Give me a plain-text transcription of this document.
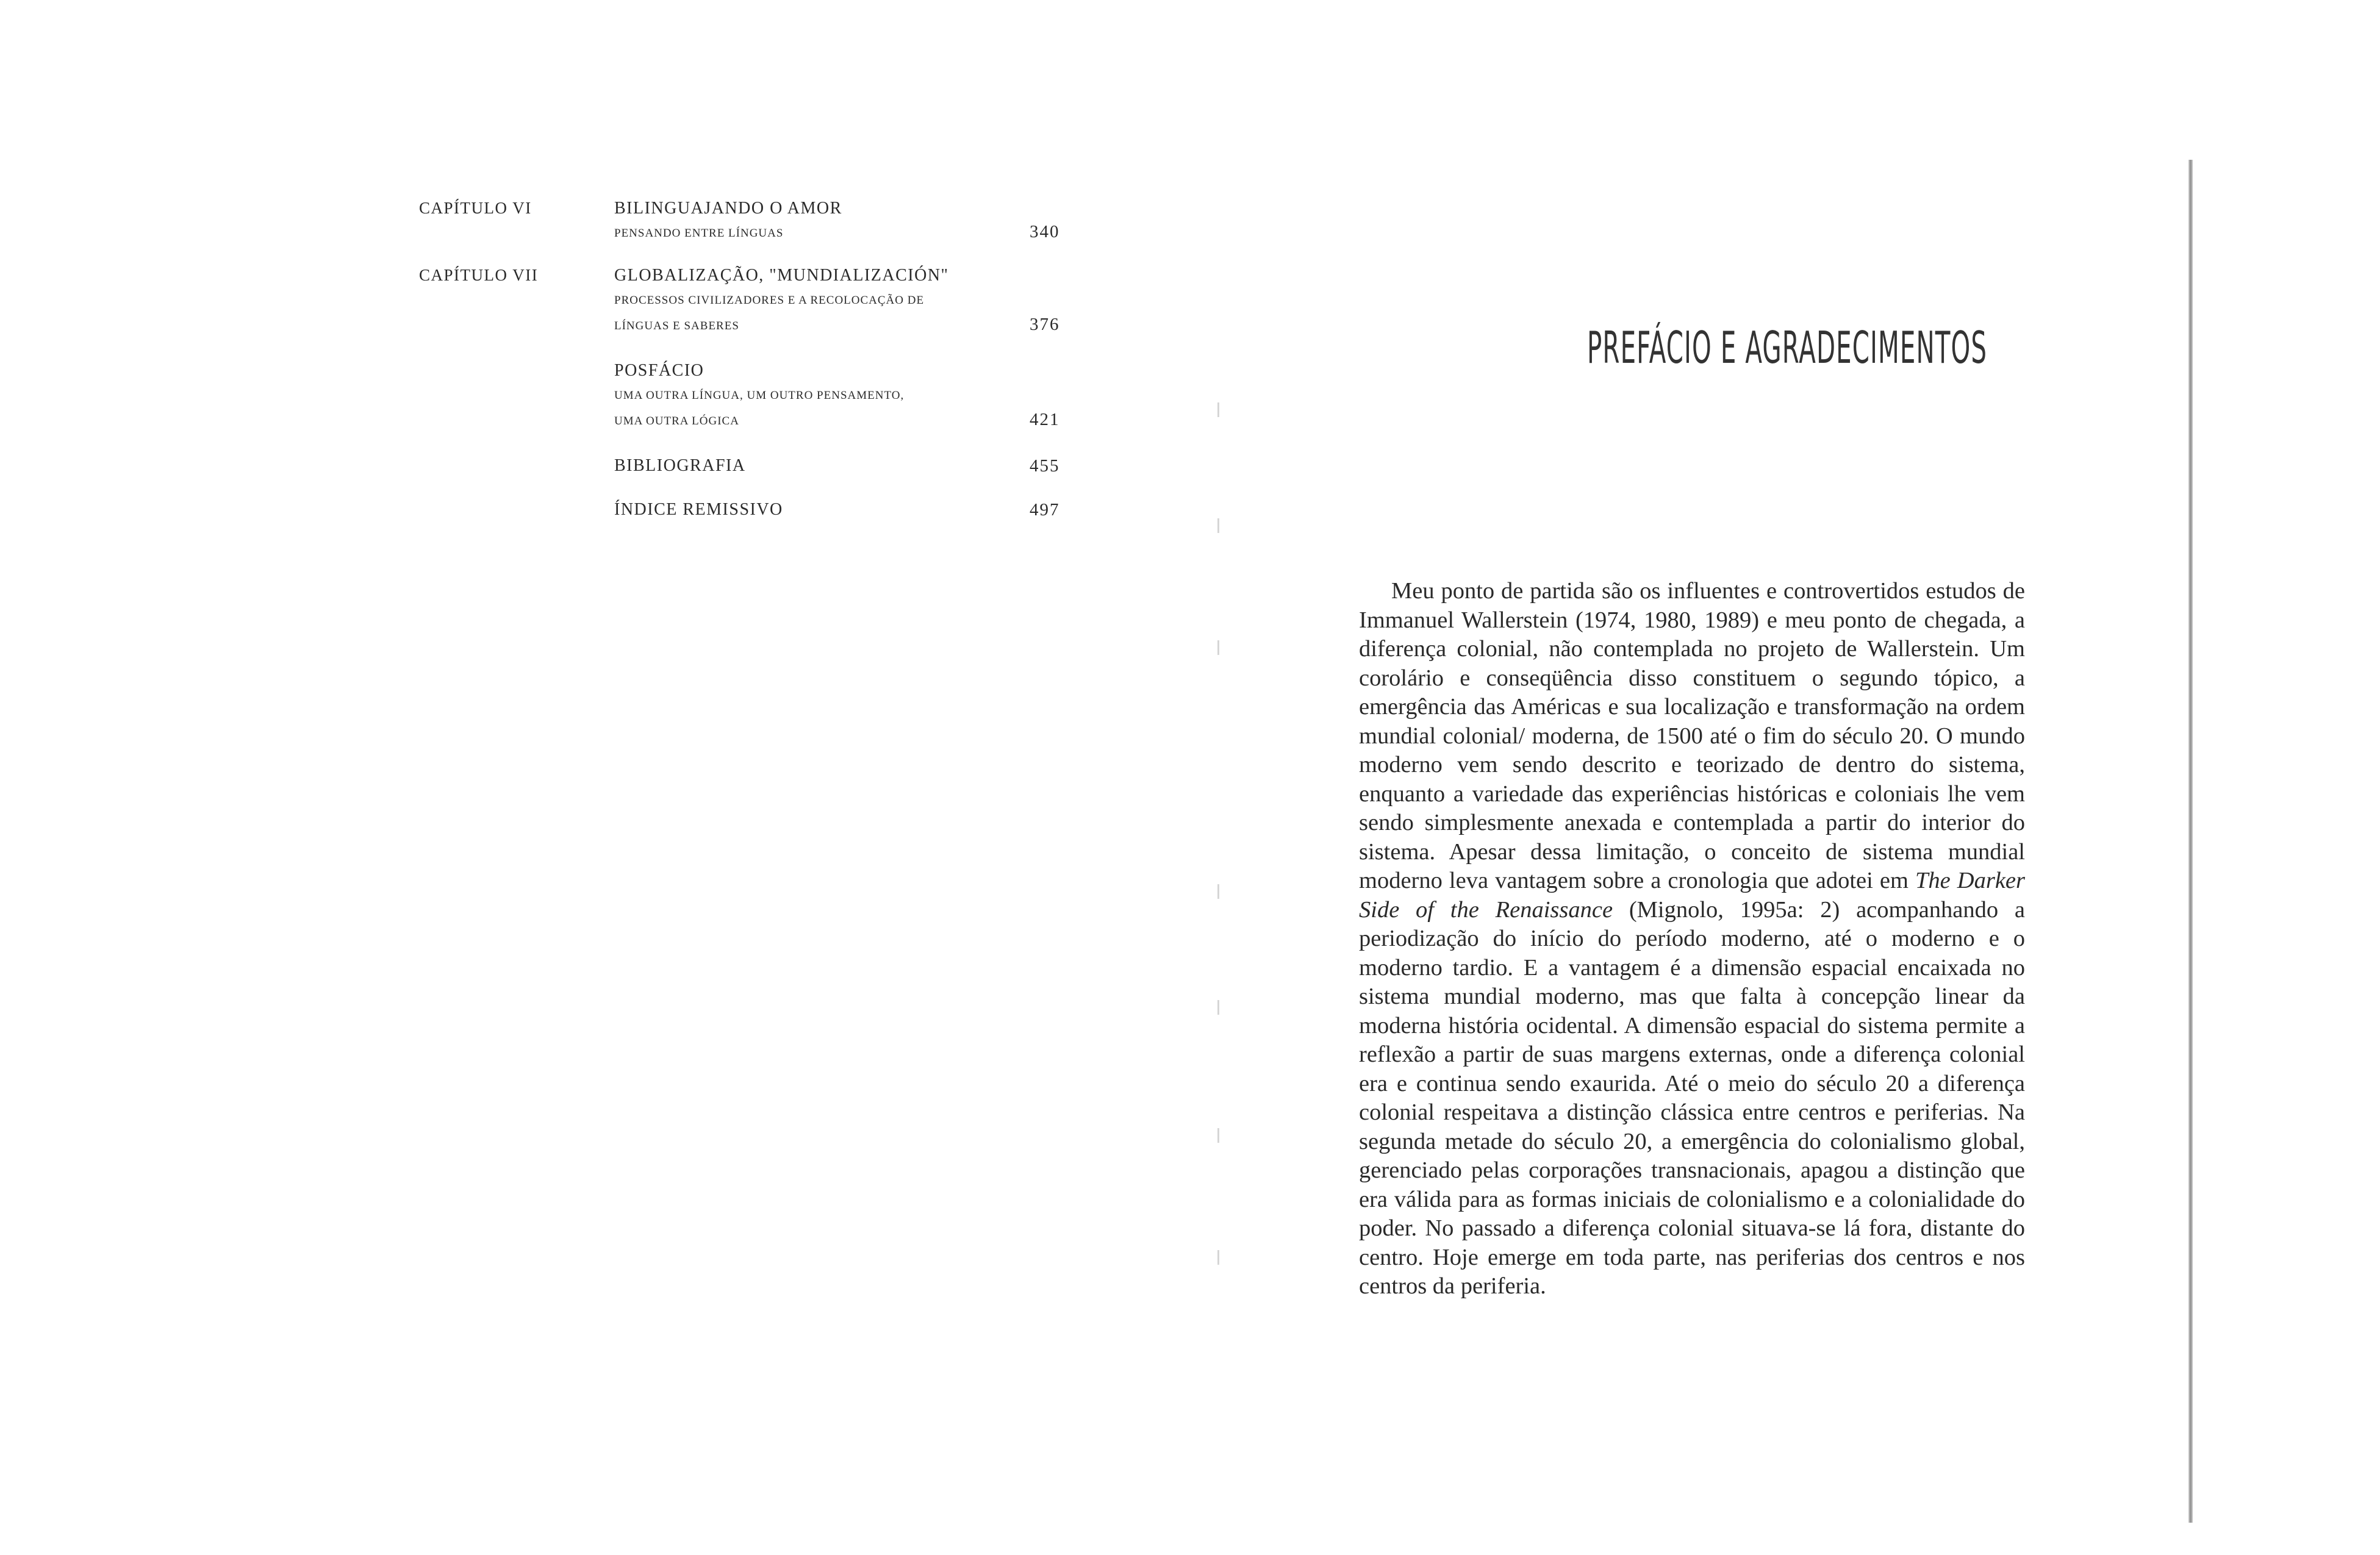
CAPÍTULO VI	BILINGUAJANDO O AMOR
PENSANDO ENTRE LÍNGUAS	340
CAPÍTULO VII	GLOBALIZAÇÃO, "MUNDIALIZACIÓN"
PROCESSOS CIVILIZADORES E A RECOLOCAÇÃO DE
LÍNGUAS E SABERES	376
POSFÁCIO
UMA OUTRA LÍNGUA, UM OUTRO PENSAMENTO,
UMA OUTRA LÓGICA	421
BIBLIOGRAFIA	455
ÍNDICE REMISSIVO	497
PREFÁCIO E AGRADECIMENTOS

Meu ponto de partida são os influentes e controvertidos estudos de Immanuel Wallerstein (1974, 1980, 1989) e meu ponto de chegada, a diferença colonial, não contemplada no projeto de Wallerstein. Um corolário e conseqüência disso constituem o segundo tópico, a emergência das Américas e sua localização e transformação na ordem mundial colonial/ moderna, de 1500 até o fim do século 20. O mundo moderno vem sendo descrito e teorizado de dentro do sistema, enquanto a variedade das experiências históricas e coloniais lhe vem sendo simplesmente anexada e contemplada a partir do interior do sistema. Apesar dessa limitação, o conceito de sistema mundial moderno leva vantagem sobre a cronologia que adotei em The Darker Side of the Renaissance (Mignolo, 1995a: 2) acompanhando a periodização do início do período moderno, até o moderno e o moderno tardio. E a vantagem é a dimensão espacial encaixada no sistema mundial moderno, mas que falta à concepção linear da moderna história ocidental. A dimensão espacial do sistema permite a reflexão a partir de suas margens externas, onde a diferença colonial era e continua sendo exaurida. Até o meio do século 20 a diferença colonial respeitava a distinção clássica entre centros e periferias. Na segunda metade do século 20, a emergência do colonialismo global, gerenciado pelas corporações transnacionais, apagou a distinção que era válida para as formas iniciais de colonialismo e a colonialidade do poder. No passado a diferença colonial situava-se lá fora, distante do centro. Hoje emerge em toda parte, nas periferias dos centros e nos centros da periferia.
